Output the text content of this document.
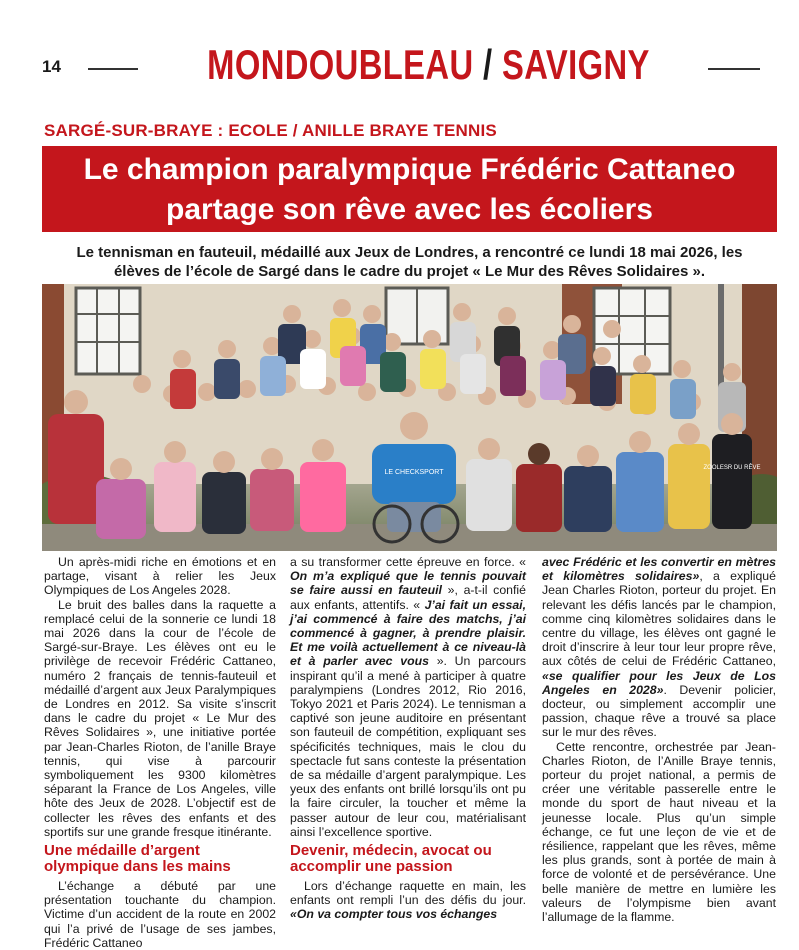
14	MONDOUBLEAU / SAVIGNY
SARGÉ-SUR-BRAYE : ECOLE / ANILLE BRAYE TENNIS
Le champion paralympique Frédéric Cattaneo
partage son rêve avec les écoliers
Le tennisman en fauteuil, médaillé aux Jeux de Londres, a rencontré ce lundi 18 mai 2026, les
élèves de l’école de Sargé dans le cadre du projet « Le Mur des Rêves Solidaires ».
LE CHECKSPORT
ZOOLESR DU RÊVE

Un après-midi riche en émotions et en partage, visant à relier les Jeux Olympiques de Los Angeles 2028.

Le bruit des balles dans la raquette a remplacé celui de la sonnerie ce lundi 18 mai 2026 dans la cour de l’école de Sargé-sur-Braye. Les élèves ont eu le privilège de recevoir Frédéric Cattaneo, numéro 2 français de tennis-fauteuil et médaillé d’argent aux Jeux Paralympiques de Londres en 2012. Sa visite s’inscrit dans le cadre du projet « Le Mur des Rêves Solidaires », une initiative portée par Jean-Charles Rioton, de l’anille Braye tennis, qui vise à parcourir symboliquement les 9300 kilomètres séparant la France de Los Angeles, ville hôte des Jeux de 2028. L’objectif est de collecter les rêves des enfants et des sportifs sur une grande fresque itinérante.

Une médaille d’argent olympique dans les mains

L’échange a débuté par une présentation touchante du champion. Victime d’un accident de la route en 2002 qui l’a privé de l’usage de ses jambes, Frédéric Cattaneo

a su transformer cette épreuve en force. « On m’a expliqué que le tennis pouvait se faire aussi en fauteuil », a-t-il confié aux enfants, attentifs. « J’ai fait un essai, j’ai commencé à faire des matchs, j’ai commencé à gagner, à prendre plaisir. Et me voilà actuellement à ce niveau-là et à parler avec vous ». Un parcours inspirant qu’il a mené à participer à quatre paralympiens (Londres 2012, Rio 2016, Tokyo 2021 et Paris 2024). Le tennisman a captivé son jeune auditoire en présentant son fauteuil de compétition, expliquant ses spécificités techniques, mais le clou du spectacle fut sans conteste la présentation de sa médaille d’argent paralympique. Les yeux des enfants ont brillé lorsqu’ils ont pu la faire circuler, la toucher et même la passer autour de leur cou, matérialisant ainsi l’excellence sportive.

Devenir, médecin, avocat ou accomplir une passion

Lors d’échange raquette en main, les enfants ont rempli l’un des défis du jour. «On va compter tous vos échanges

avec Frédéric et les convertir en mètres et kilomètres solidaires», a expliqué Jean Charles Rioton, porteur du projet. En relevant les défis lancés par le champion, comme cinq kilomètres solidaires dans le centre du village, les élèves ont gagné le droit d’inscrire à leur tour leur propre rêve, aux côtés de celui de Frédéric Cattaneo, «se qualifier pour les Jeux de Los Angeles en 2028». Devenir policier, docteur, ou simplement accomplir une passion, chaque rêve a trouvé sa place sur le mur des rêves.

Cette rencontre, orchestrée par Jean-Charles Rioton, de l’Anille Braye tennis, porteur du projet national, a permis de créer une véritable passerelle entre le monde du sport de haut niveau et la jeunesse locale. Plus qu’un simple échange, ce fut une leçon de vie et de résilience, rappelant que les rêves, même les plus grands, sont à portée de main à force de volonté et de persévérance. Une belle manière de mettre en lumière les valeurs de l’olympisme bien avant l’allumage de la flamme.
